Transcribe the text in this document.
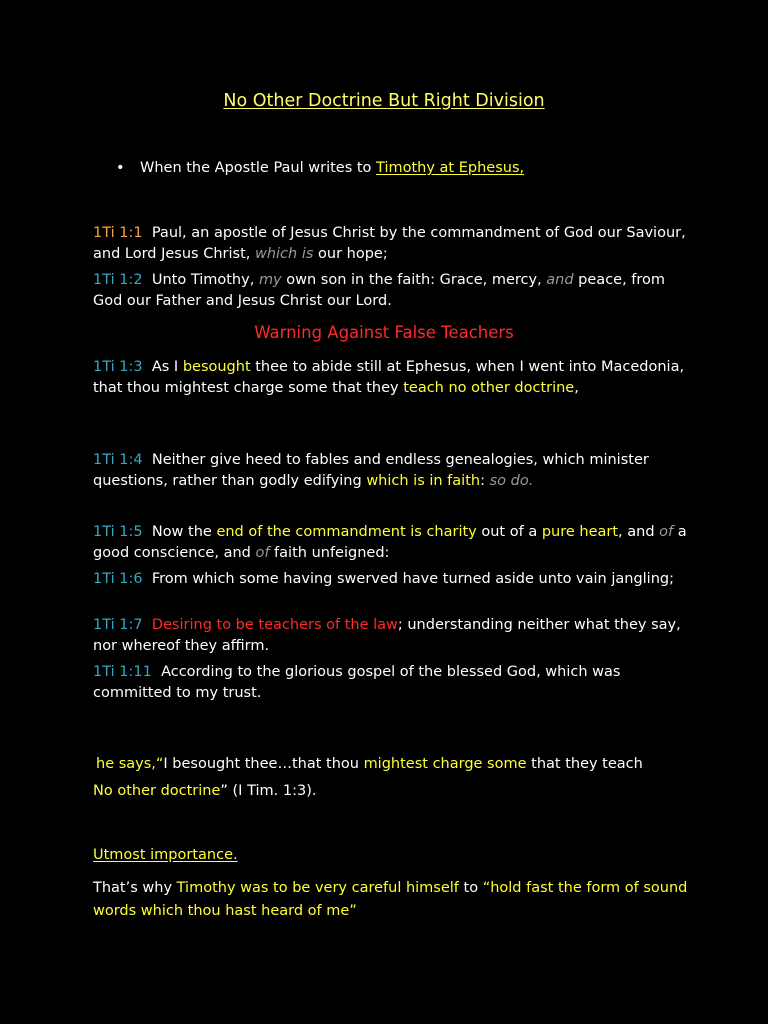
No Other Doctrine But Right Division
• When the Apostle Paul writes to Timothy at Ephesus,
1Ti 1:1 Paul, an apostle of Jesus Christ by the commandment of God our Saviour, and Lord Jesus Christ, which is our hope;
1Ti 1:2 Unto Timothy, my own son in the faith: Grace, mercy, and peace, from God our Father and Jesus Christ our Lord.
Warning Against False Teachers
1Ti 1:3 As I besought thee to abide still at Ephesus, when I went into Macedonia, that thou mightest charge some that they teach no other doctrine,
1Ti 1:4 Neither give heed to fables and endless genealogies, which minister questions, rather than godly edifying which is in faith: so do.
1Ti 1:5 Now the end of the commandment is charity out of a pure heart, and of a good conscience, and of faith unfeigned:
1Ti 1:6 From which some having swerved have turned aside unto vain jangling;
1Ti 1:7 Desiring to be teachers of the law; understanding neither what they say, nor whereof they affirm.
1Ti 1:11 According to the glorious gospel of the blessed God, which was committed to my trust.
he says,“I besought thee…that thou mightest charge some that they teach
No other doctrine” (I Tim. 1:3).
Utmost importance.
That’s why Timothy was to be very careful himself to “hold fast the form of sound words which thou hast heard of me”
